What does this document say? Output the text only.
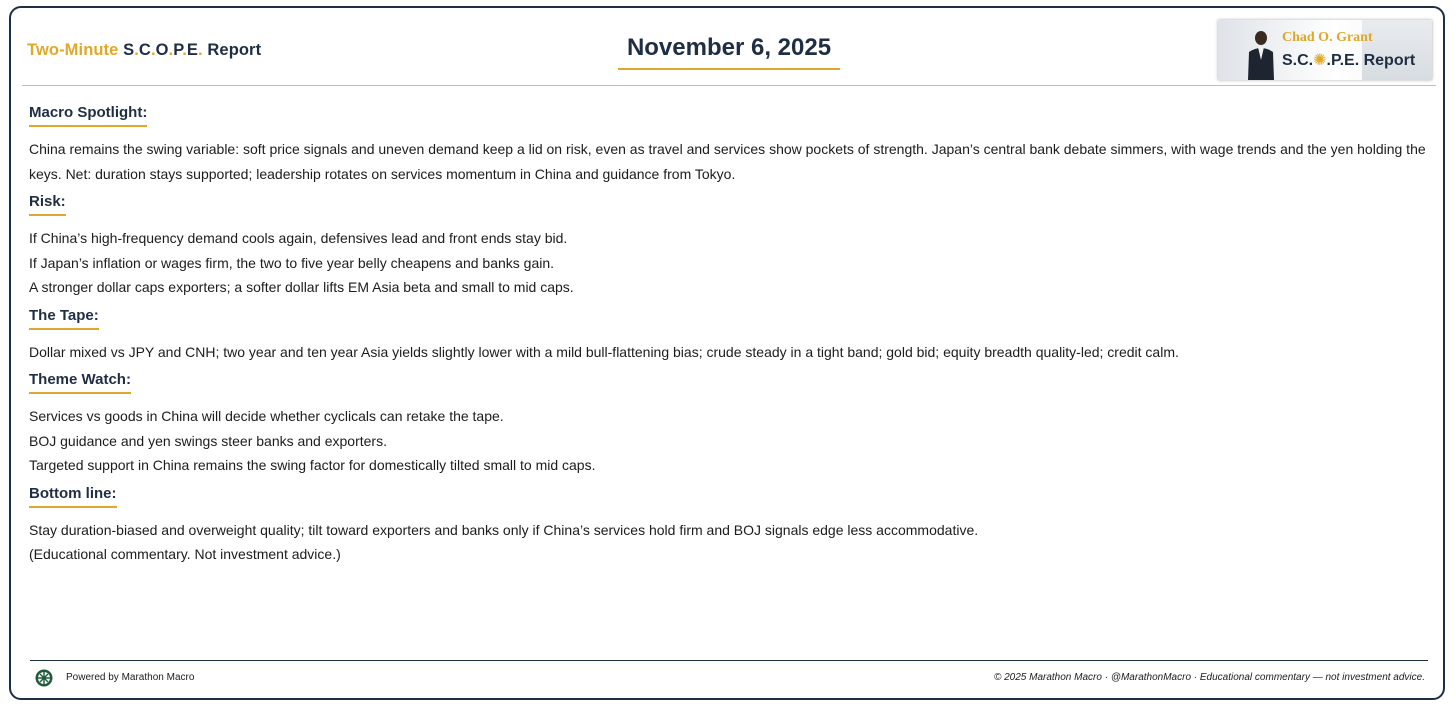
Two-Minute S.C.O.P.E. Report	November 6, 2025	Chad O. Grant
S.C.✺.P.E. Report
Macro Spotlight:

China remains the swing variable: soft price signals and uneven demand keep a lid on risk, even as travel and services show pockets of strength. Japan’s central bank debate simmers, with wage trends and the yen holding the keys. Net: duration stays supported; leadership rotates on services momentum in China and guidance from Tokyo.

Risk:

If China’s high-frequency demand cools again, defensives lead and front ends stay bid.

If Japan’s inflation or wages firm, the two to five year belly cheapens and banks gain.

A stronger dollar caps exporters; a softer dollar lifts EM Asia beta and small to mid caps.

The Tape:

Dollar mixed vs JPY and CNH; two year and ten year Asia yields slightly lower with a mild bull-flattening bias; crude steady in a tight band; gold bid; equity breadth quality-led; credit calm.

Theme Watch:

Services vs goods in China will decide whether cyclicals can retake the tape.

BOJ guidance and yen swings steer banks and exporters.

Targeted support in China remains the swing factor for domestically tilted small to mid caps.

Bottom line:

Stay duration-biased and overweight quality; tilt toward exporters and banks only if China’s services hold firm and BOJ signals edge less accommodative.

(Educational commentary. Not investment advice.)

Powered by Marathon Macro	© 2025 Marathon Macro · @MarathonMacro · Educational commentary — not investment advice.
